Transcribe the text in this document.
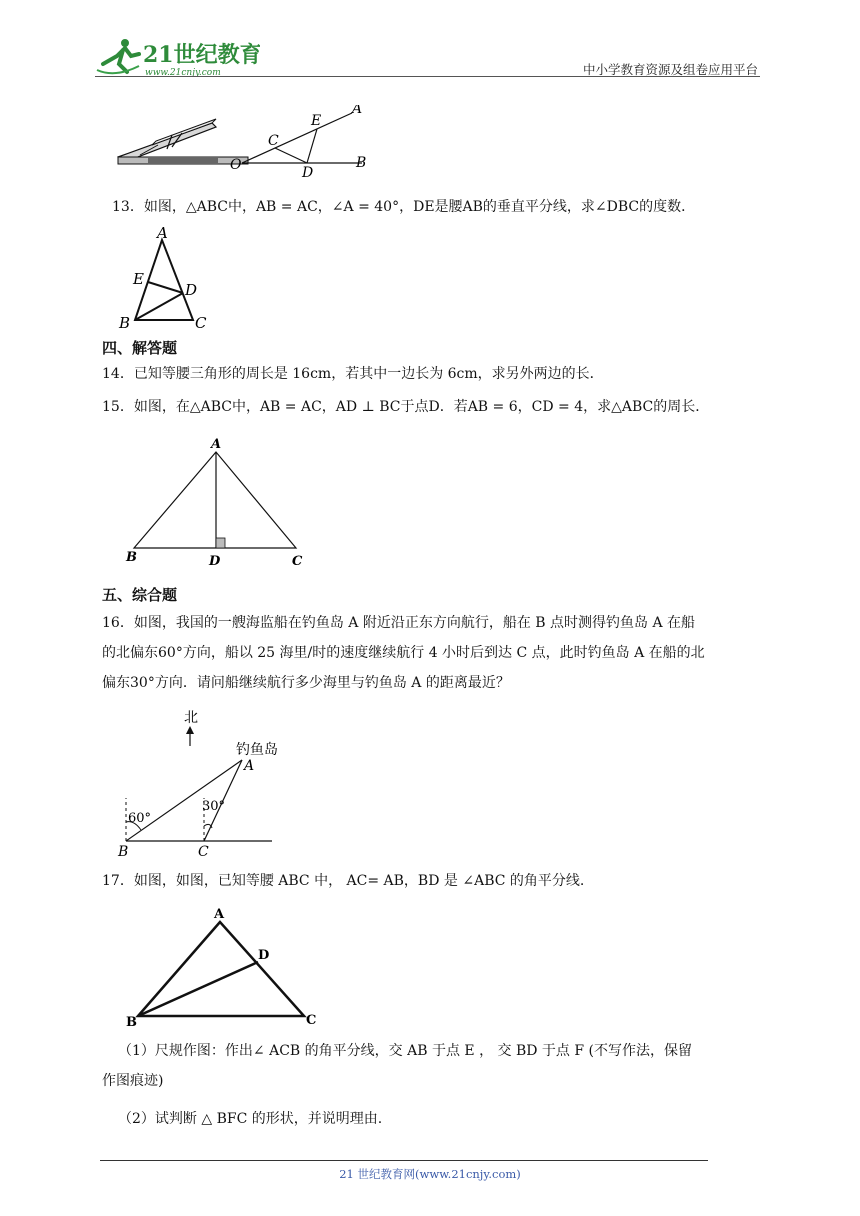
21世纪教育
www.21cnjy.com	中小学教育资源及组卷应用平台
A
E
C
O	D
B
13．如图，△ABC中，AB = AC，∠A = 40°，DE是腰AB的垂直平分线，求∠DBC的度数．
A
E
D
B	C
四、解答题
14．已知等腰三角形的周长是 16cm，若其中一边长为 6cm，求另外两边的长．
15．如图，在△ABC中，AB = AC，AD ⊥ BC于点D．若AB = 6，CD = 4，求△ABC的周长．
A
B	D	C
五、综合题
16．如图，我国的一艘海监船在钓鱼岛 A 附近沿正东方向航行，船在 B 点时测得钓鱼岛 A 在船
的北偏东60°方向，船以 25 海里/时的速度继续航行 4 小时后到达 C 点，此时钓鱼岛 A 在船的北
偏东30°方向．请问船继续航行多少海里与钓鱼岛 A 的距离最近？
北
钓鱼岛
A
60°
30°
B	C
17．如图，如图，已知等腰 ABC 中， AC= AB，BD 是 ∠ABC 的角平分线.
A
D
B	C
（1）尺规作图：作出∠ ACB 的角平分线，交 AB 于点 E ， 交 BD 于点 F (不写作法，保留
作图痕迹)
（2）试判断 △ BFC 的形状，并说明理由.
21 世纪教育网(www.21cnjy.com)
